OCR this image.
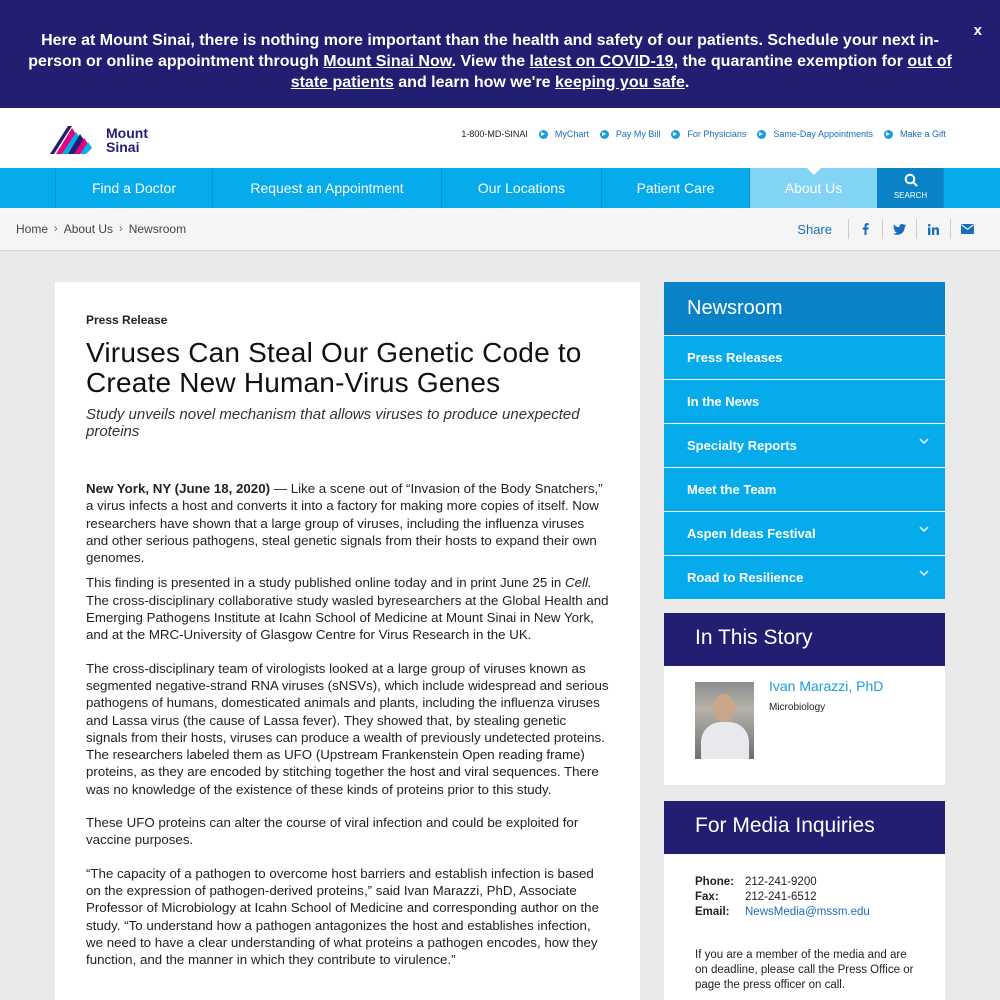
Here at Mount Sinai, there is nothing more important than the health and safety of our patients. Schedule your next in-person or online appointment through Mount Sinai Now. View the latest on COVID-19, the quarantine exemption for out of state patients and learn how we're keeping you safe.
x
Mount
Sinai
1-800-MD-SINAI	MyChart	Pay My Bill	For Physicians	Same-Day Appointments	Make a Gift
Find a Doctor	Request an Appointment	Our Locations	Patient Care	About Us	SEARCH
Home › About Us › Newsroom	Share
Press Release
Viruses Can Steal Our Genetic Code to Create New Human-Virus Genes
Study unveils novel mechanism that allows viruses to produce unexpected proteins

New York, NY (June 18, 2020) — Like a scene out of “Invasion of the Body Snatchers,” a virus infects a host and converts it into a factory for making more copies of itself. Now researchers have shown that a large group of viruses, including the influenza viruses and other serious pathogens, steal genetic signals from their hosts to expand their own genomes.

This finding is presented in a study published online today and in print June 25 in Cell. The cross-disciplinary collaborative study wasled byresearchers at the Global Health and Emerging Pathogens Institute at Icahn School of Medicine at Mount Sinai in New York, and at the MRC-University of Glasgow Centre for Virus Research in the UK.

The cross-disciplinary team of virologists looked at a large group of viruses known as segmented negative-strand RNA viruses (sNSVs), which include widespread and serious pathogens of humans, domesticated animals and plants, including the influenza viruses and Lassa virus (the cause of Lassa fever). They showed that, by stealing genetic signals from their hosts, viruses can produce a wealth of previously undetected proteins. The researchers labeled them as UFO (Upstream Frankenstein Open reading frame) proteins, as they are encoded by stitching together the host and viral sequences. There was no knowledge of the existence of these kinds of proteins prior to this study.

These UFO proteins can alter the course of viral infection and could be exploited for vaccine purposes.

“The capacity of a pathogen to overcome host barriers and establish infection is based on the expression of pathogen-derived proteins,” said Ivan Marazzi, PhD, Associate Professor of Microbiology at Icahn School of Medicine and corresponding author on the study. “To understand how a pathogen antagonizes the host and establishes infection, we need to have a clear understanding of what proteins a pathogen encodes, how they function, and the manner in which they contribute to virulence.”

Newsroom
Press Releases
In the News
Specialty Reports
Meet the Team
Aspen Ideas Festival
Road to Resilience
In This Story
Ivan Marazzi, PhD
Microbiology
For Media Inquiries
Phone: 212-241-9200
Fax:	212-241-6512
Email:	NewsMedia@mssm.edu
If you are a member of the media and are on deadline, please call the Press Office or page the press officer on call.
